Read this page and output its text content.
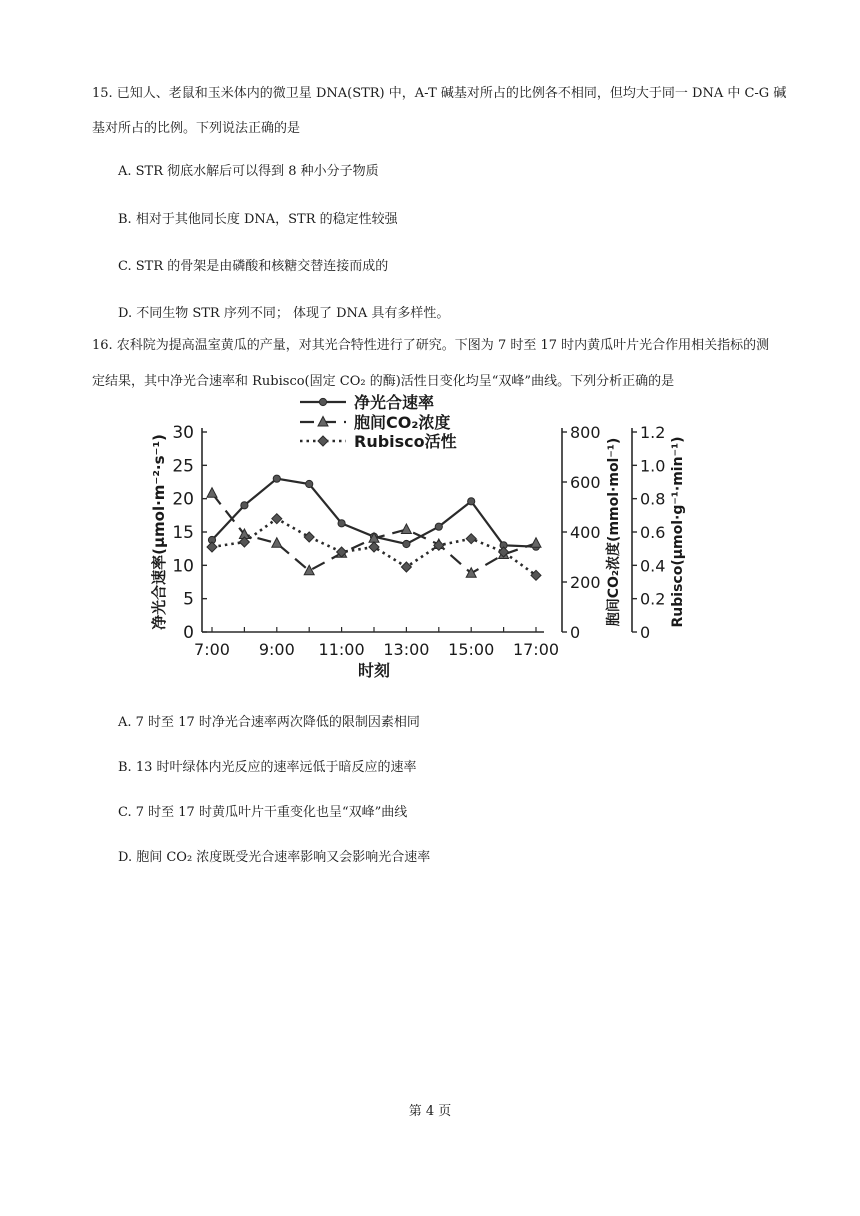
15. 已知人、老鼠和玉米体内的微卫星 DNA(STR) 中，A-T 碱基对所占的比例各不相同，但均大于同一 DNA 中 C-G 碱
基对所占的比例。下列说法正确的是
A. STR 彻底水解后可以得到 8 种小分子物质
B. 相对于其他同长度 DNA，STR 的稳定性较强
C. STR 的骨架是由磷酸和核糖交替连接而成的
D. 不同生物 STR 序列不同； 体现了 DNA 具有多样性。
16. 农科院为提高温室黄瓜的产量，对其光合特性进行了研究。下图为 7 时至 17 时内黄瓜叶片光合作用相关指标的测
定结果，其中净光合速率和 Rubisco(固定 CO₂ 的酶)活性日变化均呈“双峰”曲线。下列分析正确的是
0
5
10
15
20
25
30
净光合速率(μmol·m⁻²·s⁻¹)
7:00 9:00 11:00 13:00 15:00 17:00
时刻
0
200
400
600
800
胞间CO₂浓度(mmol·mol⁻¹)
0
0.2
0.4
0.6
0.8
1.0
1.2
Rubisco(μmol·g⁻¹·min⁻¹)
净光合速率
胞间CO₂浓度
Rubisco活性
A. 7 时至 17 时净光合速率两次降低的限制因素相同
B. 13 时叶绿体内光反应的速率远低于暗反应的速率
C. 7 时至 17 时黄瓜叶片干重变化也呈“双峰”曲线
D. 胞间 CO₂ 浓度既受光合速率影响又会影响光合速率
第 4 页
